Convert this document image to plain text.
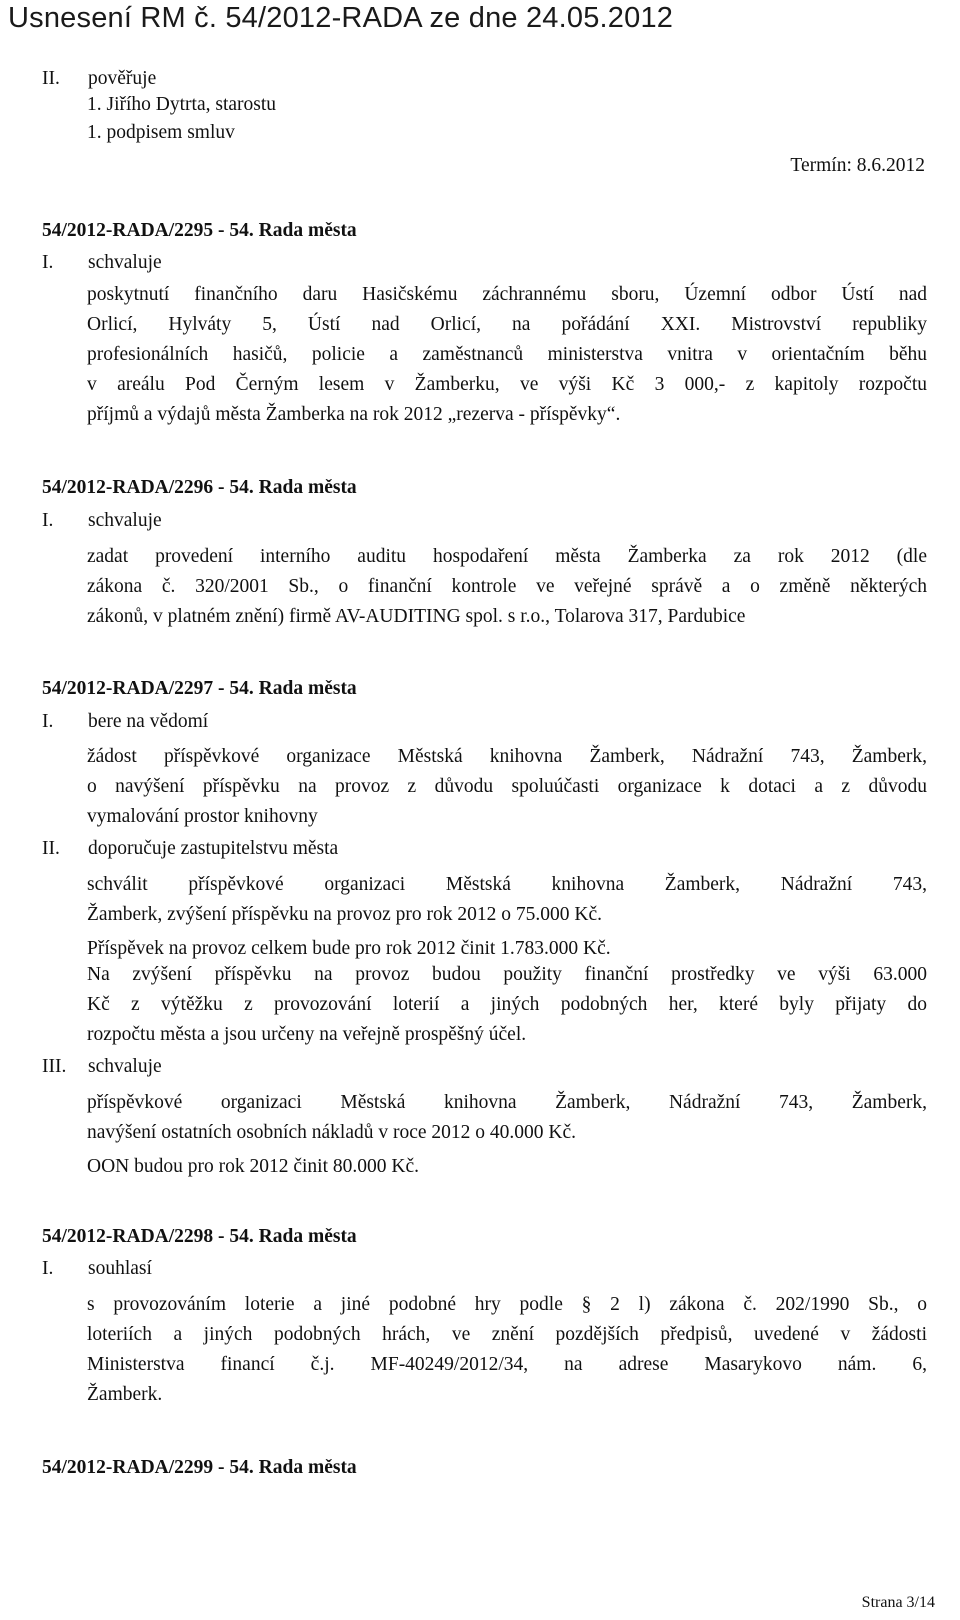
Usnesení RM č. 54/2012-RADA ze dne 24.05.2012
II. pověřuje
1. Jiřího Dytrta, starostu
1. podpisem smluv
Termín: 8.6.2012
54/2012-RADA/2295 - 54. Rada města
I. schvaluje
poskytnutí finančního daru Hasičskému záchrannému sboru, Územní odbor Ústí nad
Orlicí, Hylváty 5, Ústí nad Orlicí, na pořádání XXI. Mistrovství republiky
profesionálních hasičů, policie a zaměstnanců ministerstva vnitra v orientačním běhu
v areálu Pod Černým lesem v Žamberku, ve výši Kč 3 000,- z kapitoly rozpočtu
příjmů a výdajů města Žamberka na rok 2012 „rezerva - příspěvky“.
54/2012-RADA/2296 - 54. Rada města
I. schvaluje
zadat provedení interního auditu hospodaření města Žamberka za rok 2012 (dle
zákona č. 320/2001 Sb., o finanční kontrole ve veřejné správě a o změně některých
zákonů, v platném znění) firmě AV-AUDITING spol. s r.o., Tolarova 317, Pardubice
54/2012-RADA/2297 - 54. Rada města
I. bere na vědomí
žádost příspěvkové organizace Městská knihovna Žamberk, Nádražní 743, Žamberk,
o navýšení příspěvku na provoz z důvodu spoluúčasti organizace k dotaci a z důvodu
vymalování prostor knihovny
II. doporučuje zastupitelstvu města
schválit příspěvkové organizaci Městská knihovna Žamberk, Nádražní 743,
Žamberk, zvýšení příspěvku na provoz pro rok 2012 o 75.000 Kč.
Příspěvek na provoz celkem bude pro rok 2012 činit 1.783.000 Kč.
Na zvýšení příspěvku na provoz budou použity finanční prostředky ve výši 63.000
Kč z výtěžku z provozování loterií a jiných podobných her, které byly přijaty do
rozpočtu města a jsou určeny na veřejně prospěšný účel.
III. schvaluje
příspěvkové organizaci Městská knihovna Žamberk, Nádražní 743, Žamberk,
navýšení ostatních osobních nákladů v roce 2012 o 40.000 Kč.
OON budou pro rok 2012 činit 80.000 Kč.
54/2012-RADA/2298 - 54. Rada města
I. souhlasí
s provozováním loterie a jiné podobné hry podle § 2 l) zákona č. 202/1990 Sb., o
loteriích a jiných podobných hrách, ve znění pozdějších předpisů, uvedené v žádosti
Ministerstva financí č.j. MF-40249/2012/34, na adrese Masarykovo nám. 6,
Žamberk.
54/2012-RADA/2299 - 54. Rada města
Strana 3/14
